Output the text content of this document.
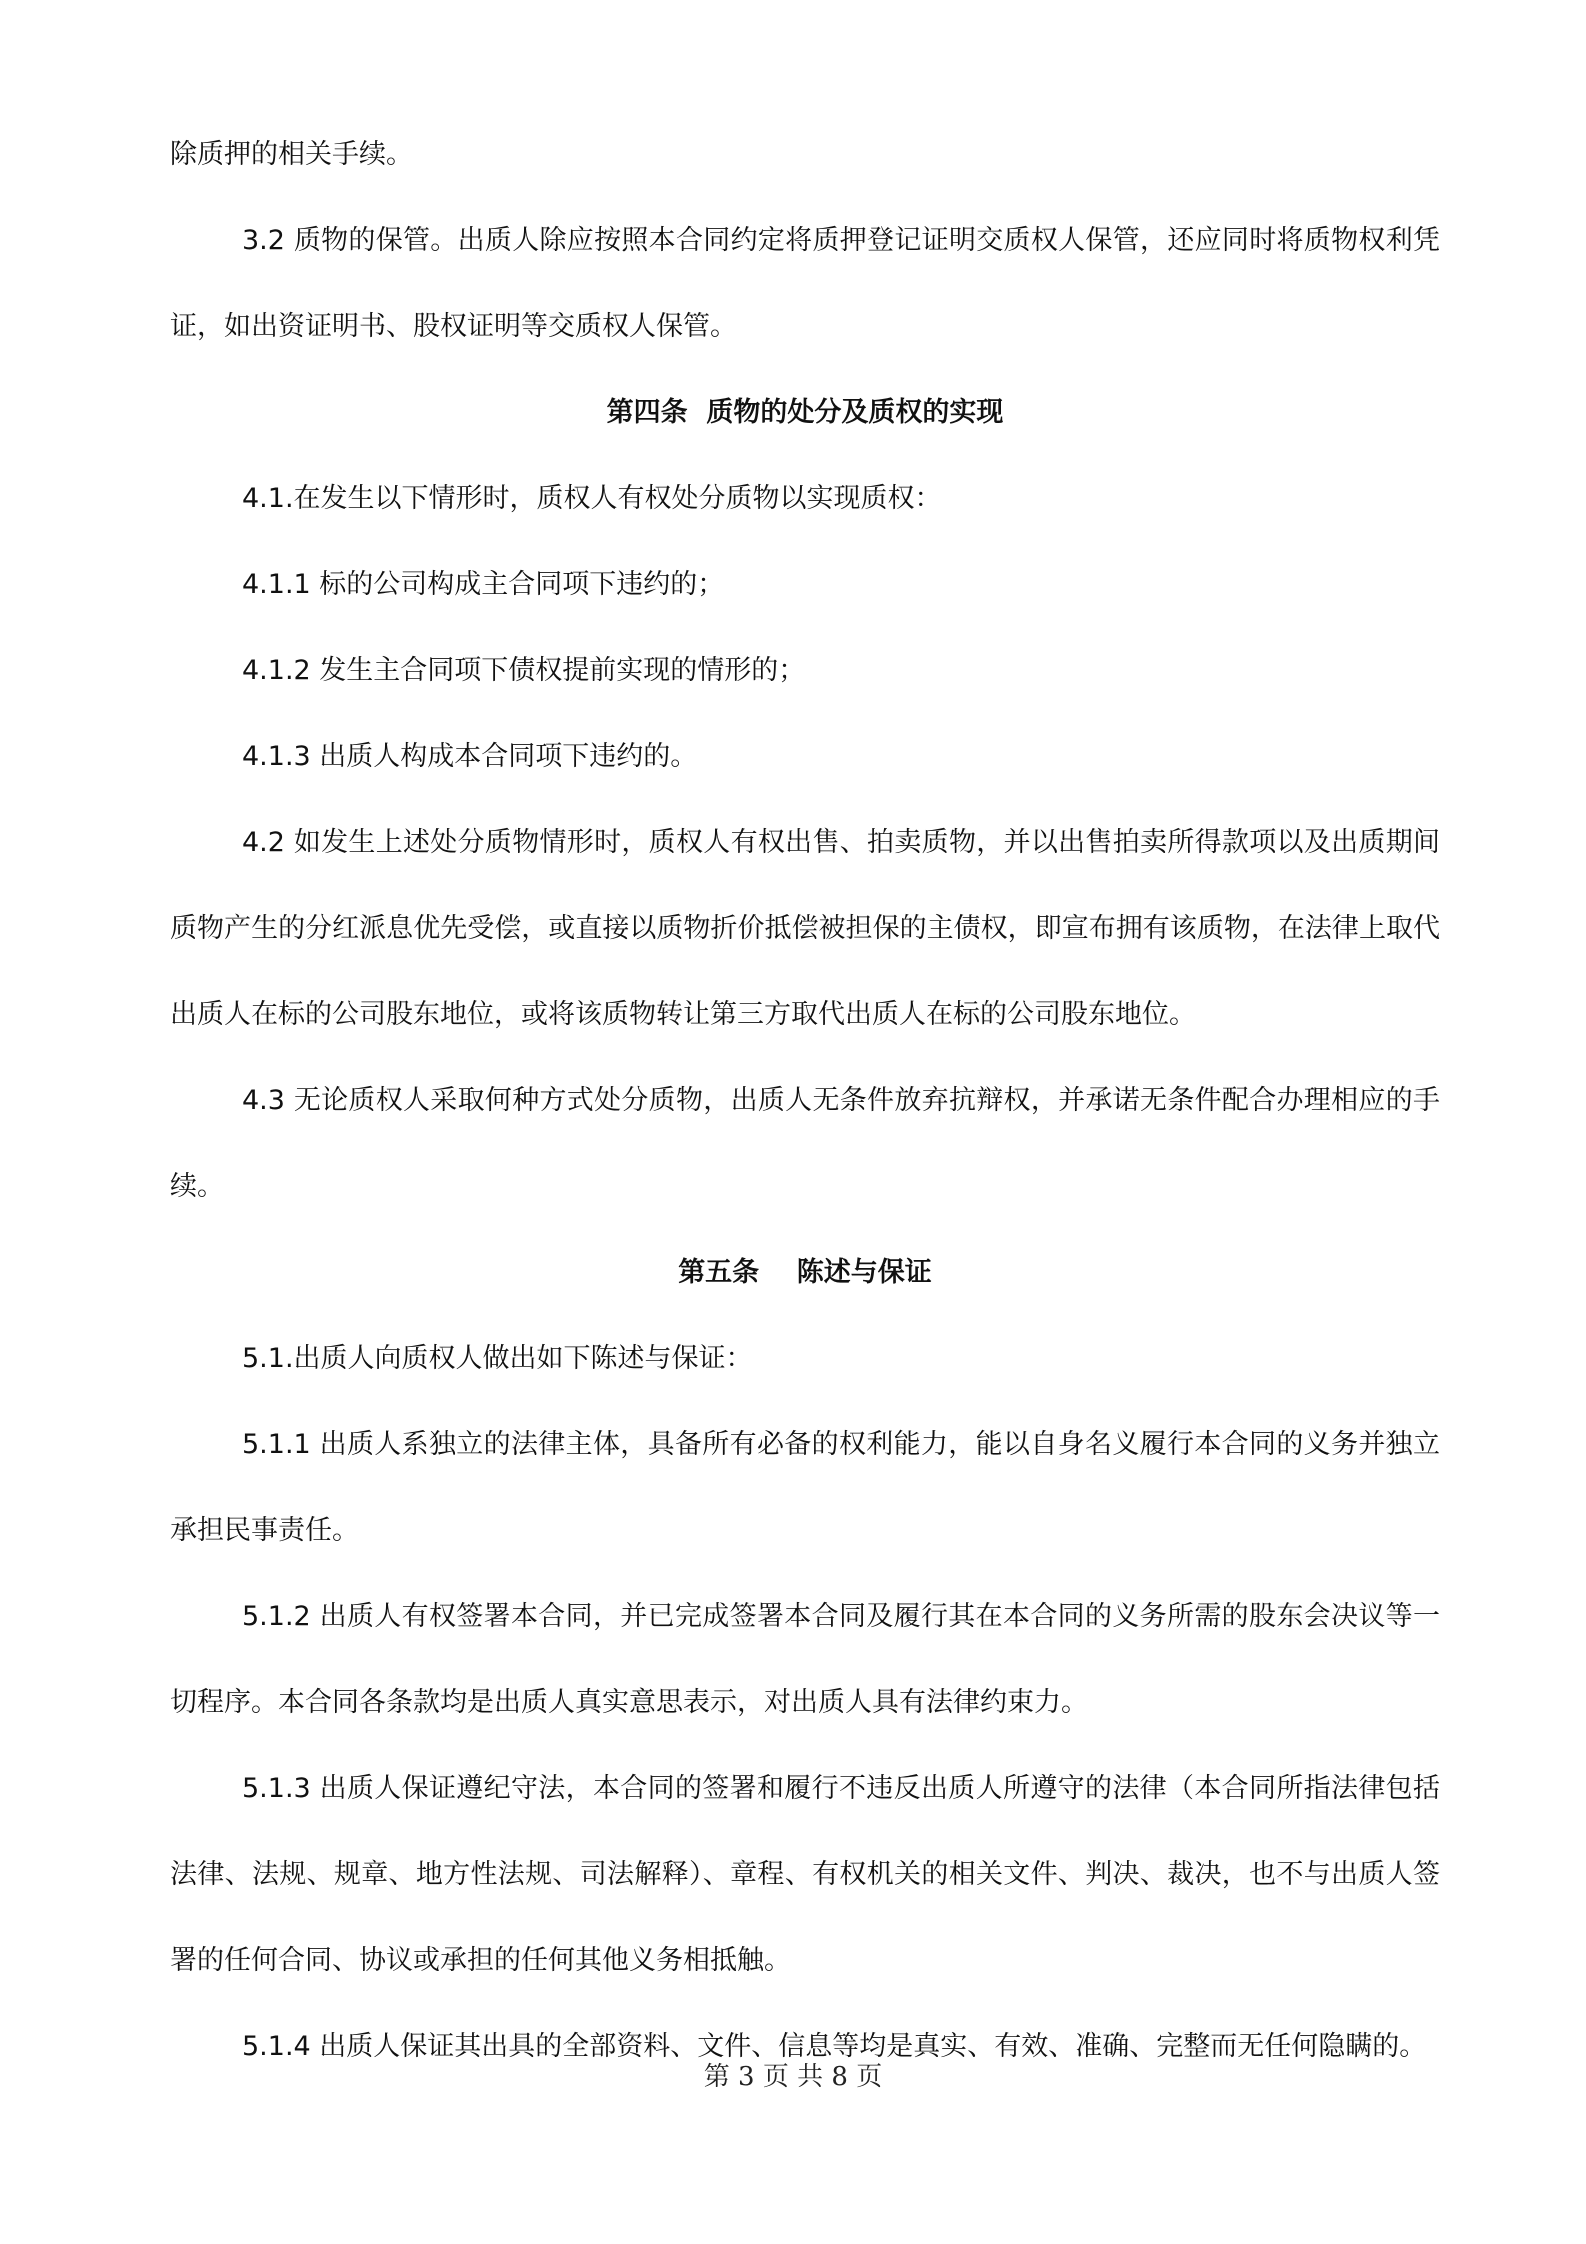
除质押的相关手续。

3.2 质物的保管。出质人除应按照本合同约定将质押登记证明交质权人保管，还应同时将质物权利凭证，如出资证明书、股权证明等交质权人保管。

第四条  质物的处分及质权的实现

4.1.在发生以下情形时，质权人有权处分质物以实现质权：

4.1.1 标的公司构成主合同项下违约的；

4.1.2 发生主合同项下债权提前实现的情形的；

4.1.3 出质人构成本合同项下违约的。

4.2 如发生上述处分质物情形时，质权人有权出售、拍卖质物，并以出售拍卖所得款项以及出质期间质物产生的分红派息优先受偿，或直接以质物折价抵偿被担保的主债权，即宣布拥有该质物，在法律上取代出质人在标的公司股东地位，或将该质物转让第三方取代出质人在标的公司股东地位。

4.3 无论质权人采取何种方式处分质物，出质人无条件放弃抗辩权，并承诺无条件配合办理相应的手续。

第五条    陈述与保证

5.1.出质人向质权人做出如下陈述与保证：

5.1.1 出质人系独立的法律主体，具备所有必备的权利能力，能以自身名义履行本合同的义务并独立承担民事责任。

5.1.2 出质人有权签署本合同，并已完成签署本合同及履行其在本合同的义务所需的股东会决议等一切程序。本合同各条款均是出质人真实意思表示，对出质人具有法律约束力。

5.1.3 出质人保证遵纪守法，本合同的签署和履行不违反出质人所遵守的法律（本合同所指法律包括法律、法规、规章、地方性法规、司法解释）、章程、有权机关的相关文件、判决、裁决，也不与出质人签署的任何合同、协议或承担的任何其他义务相抵触。

5.1.4 出质人保证其出具的全部资料、文件、信息等均是真实、有效、准确、完整而无任何隐瞒的。

第 3 页 共 8 页
